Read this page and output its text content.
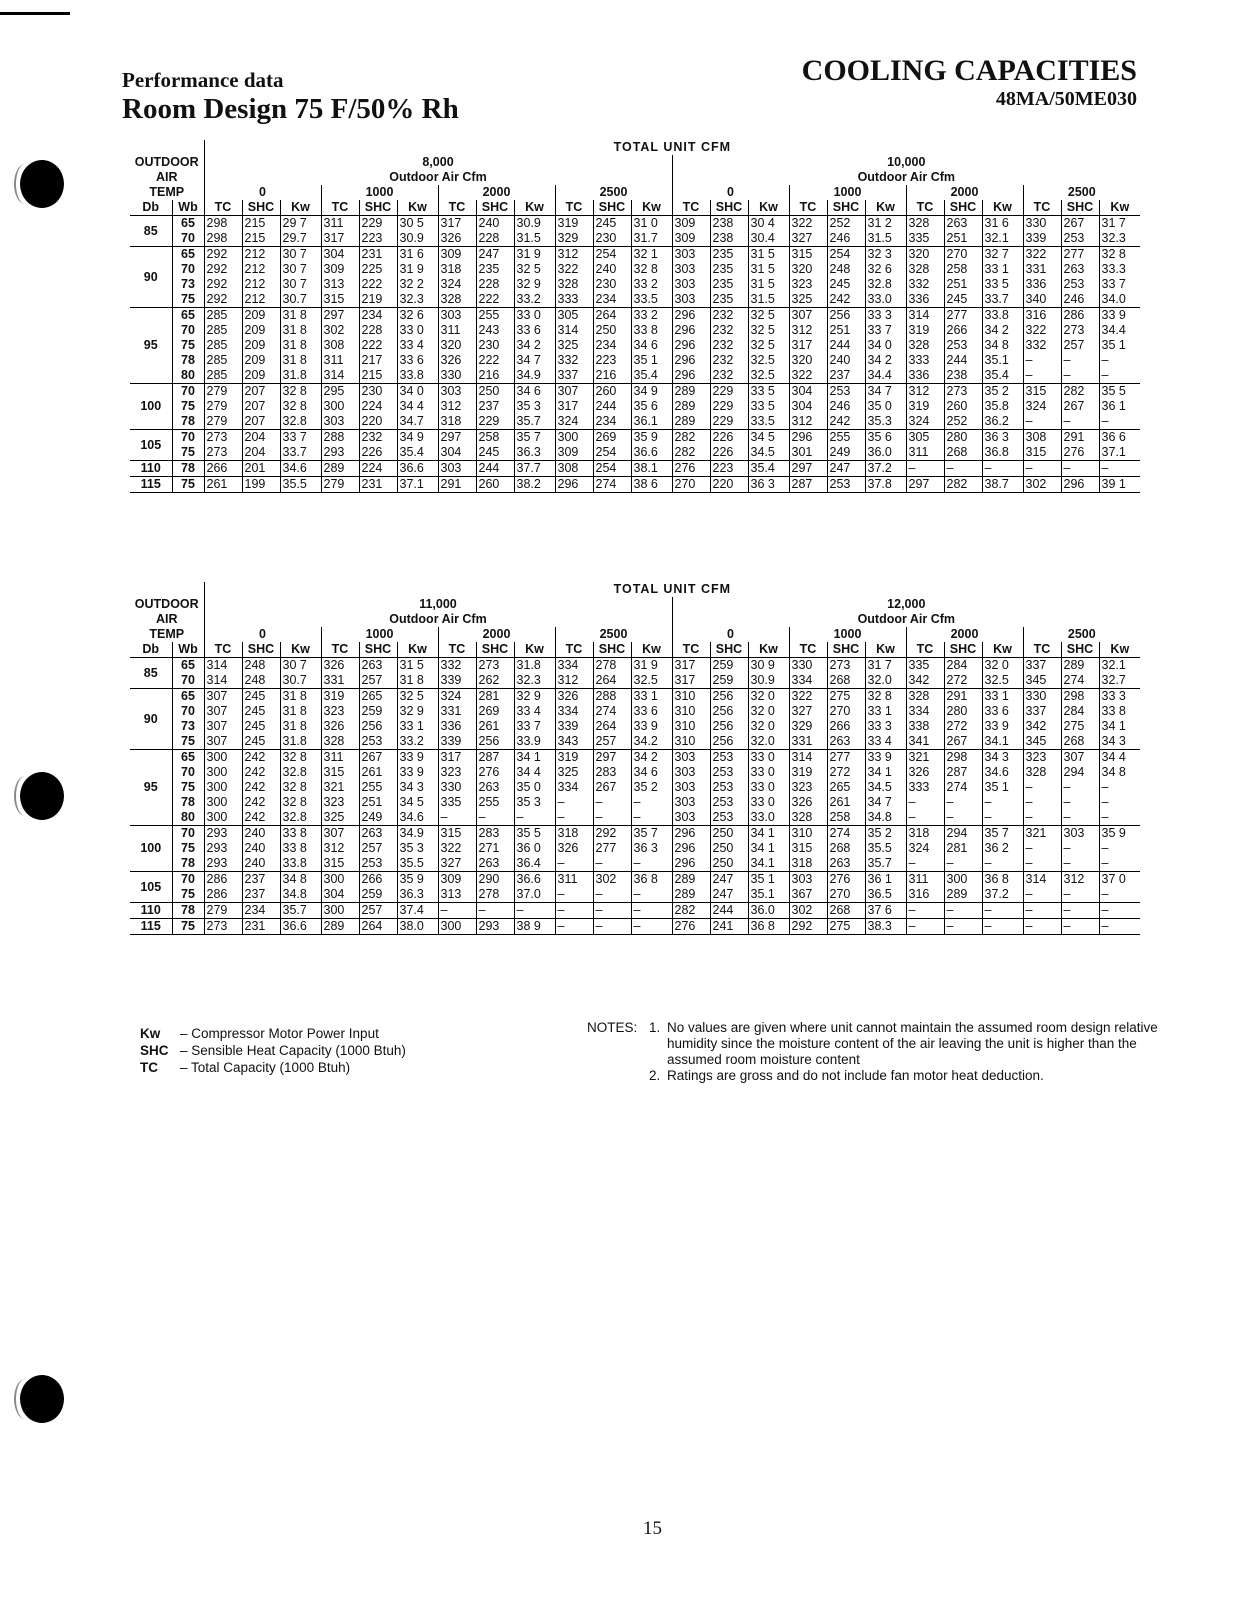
Performance data
Room Design 75 F/50% Rh
COOLING CAPACITIES
48MA/50ME030
		TOTAL UNIT CFM																							
OUTDOOR		8,000												10,000											
AIR		Outdoor Air Cfm												Outdoor Air Cfm											
TEMP		0			1000			2000			2500			0			1000			2000			2500		
Db	Wb	TC	SHC	Kw	TC	SHC	Kw	TC	SHC	Kw	TC	SHC	Kw	TC	SHC	Kw	TC	SHC	Kw	TC	SHC	Kw	TC	SHC	Kw
85	65	298	215	29 7	311	229	30 5	317	240	30.9	319	245	31 0	309	238	30 4	322	252	31 2	328	263	31 6	330	267	31 7
	70	298	215	29.7	317	223	30.9	326	228	31.5	329	230	31.7	309	238	30.4	327	246	31.5	335	251	32.1	339	253	32.3
90	65	292	212	30 7	304	231	31 6	309	247	31 9	312	254	32 1	303	235	31 5	315	254	32 3	320	270	32 7	322	277	32 8
	70	292	212	30 7	309	225	31 9	318	235	32 5	322	240	32 8	303	235	31 5	320	248	32 6	328	258	33 1	331	263	33.3
	73	292	212	30 7	313	222	32 2	324	228	32 9	328	230	33 2	303	235	31 5	323	245	32.8	332	251	33 5	336	253	33 7
	75	292	212	30.7	315	219	32.3	328	222	33.2	333	234	33.5	303	235	31.5	325	242	33.0	336	245	33.7	340	246	34.0
95	65	285	209	31 8	297	234	32 6	303	255	33 0	305	264	33 2	296	232	32 5	307	256	33 3	314	277	33.8	316	286	33 9
	70	285	209	31 8	302	228	33 0	311	243	33 6	314	250	33 8	296	232	32 5	312	251	33 7	319	266	34 2	322	273	34.4
	75	285	209	31 8	308	222	33 4	320	230	34 2	325	234	34 6	296	232	32 5	317	244	34 0	328	253	34 8	332	257	35 1
	78	285	209	31 8	311	217	33 6	326	222	34 7	332	223	35 1	296	232	32.5	320	240	34 2	333	244	35.1	–	–	–
	80	285	209	31.8	314	215	33.8	330	216	34.9	337	216	35.4	296	232	32.5	322	237	34.4	336	238	35.4	–	–	–
100	70	279	207	32 8	295	230	34 0	303	250	34 6	307	260	34 9	289	229	33 5	304	253	34 7	312	273	35 2	315	282	35 5
	75	279	207	32 8	300	224	34 4	312	237	35 3	317	244	35 6	289	229	33 5	304	246	35 0	319	260	35.8	324	267	36 1
	78	279	207	32.8	303	220	34.7	318	229	35.7	324	234	36.1	289	229	33.5	312	242	35.3	324	252	36.2	–	–	–
105	70	273	204	33 7	288	232	34 9	297	258	35 7	300	269	35 9	282	226	34 5	296	255	35 6	305	280	36 3	308	291	36 6
	75	273	204	33.7	293	226	35.4	304	245	36.3	309	254	36.6	282	226	34.5	301	249	36.0	311	268	36.8	315	276	37.1
110	78	266	201	34.6	289	224	36.6	303	244	37.7	308	254	38.1	276	223	35.4	297	247	37.2	–	–	–	–	–	–
115	75	261	199	35.5	279	231	37.1	291	260	38.2	296	274	38 6	270	220	36 3	287	253	37.8	297	282	38.7	302	296	39 1
		TOTAL UNIT CFM																							
OUTDOOR		11,000												12,000											
AIR		Outdoor Air Cfm												Outdoor Air Cfm											
TEMP		0			1000			2000			2500			0			1000			2000			2500		
Db	Wb	TC	SHC	Kw	TC	SHC	Kw	TC	SHC	Kw	TC	SHC	Kw	TC	SHC	Kw	TC	SHC	Kw	TC	SHC	Kw	TC	SHC	Kw
85	65	314	248	30 7	326	263	31 5	332	273	31.8	334	278	31 9	317	259	30 9	330	273	31 7	335	284	32 0	337	289	32.1
	70	314	248	30.7	331	257	31 8	339	262	32.3	312	264	32.5	317	259	30.9	334	268	32.0	342	272	32.5	345	274	32.7
90	65	307	245	31 8	319	265	32 5	324	281	32 9	326	288	33 1	310	256	32 0	322	275	32 8	328	291	33 1	330	298	33 3
	70	307	245	31 8	323	259	32 9	331	269	33 4	334	274	33 6	310	256	32 0	327	270	33 1	334	280	33 6	337	284	33 8
	73	307	245	31 8	326	256	33 1	336	261	33 7	339	264	33 9	310	256	32 0	329	266	33 3	338	272	33 9	342	275	34 1
	75	307	245	31.8	328	253	33.2	339	256	33.9	343	257	34.2	310	256	32.0	331	263	33 4	341	267	34.1	345	268	34 3
95	65	300	242	32 8	311	267	33 9	317	287	34 1	319	297	34 2	303	253	33 0	314	277	33 9	321	298	34 3	323	307	34 4
	70	300	242	32.8	315	261	33 9	323	276	34 4	325	283	34 6	303	253	33 0	319	272	34 1	326	287	34.6	328	294	34 8
	75	300	242	32 8	321	255	34 3	330	263	35 0	334	267	35 2	303	253	33 0	323	265	34.5	333	274	35 1	–	–	–
	78	300	242	32 8	323	251	34 5	335	255	35 3	–	–	–	303	253	33 0	326	261	34 7	–	–	–	–	–	–
	80	300	242	32.8	325	249	34.6	–	–	–	–	–	–	303	253	33.0	328	258	34.8	–	–	–	–	–	–
100	70	293	240	33 8	307	263	34.9	315	283	35 5	318	292	35 7	296	250	34 1	310	274	35 2	318	294	35 7	321	303	35 9
	75	293	240	33 8	312	257	35 3	322	271	36 0	326	277	36 3	296	250	34 1	315	268	35.5	324	281	36 2	–	–	–
	78	293	240	33.8	315	253	35.5	327	263	36.4	–	–	–	296	250	34.1	318	263	35.7	–	–	–	–	–	–
105	70	286	237	34 8	300	266	35 9	309	290	36.6	311	302	36 8	289	247	35 1	303	276	36 1	311	300	36 8	314	312	37 0
	75	286	237	34.8	304	259	36.3	313	278	37.0	–	–	–	289	247	35.1	367	270	36.5	316	289	37.2	–	–	–
110	78	279	234	35.7	300	257	37.4	–	–	–	–	–	–	282	244	36.0	302	268	37 6	–	–	–	–	–	–
115	75	273	231	36.6	289	264	38.0	300	293	38 9	–	–	–	276	241	36 8	292	275	38.3	–	–	–	–	–	–
Kw – Compressor Motor Power Input
SHC – Sensible Heat Capacity (1000 Btuh)
TC – Total Capacity (1000 Btuh)
NOTES: 1. No values are given where unit cannot maintain the assumed room design relative humidity since the moisture content of the air leaving the unit is higher than the assumed room moisture content
2. Ratings are gross and do not include fan motor heat deduction.
15
